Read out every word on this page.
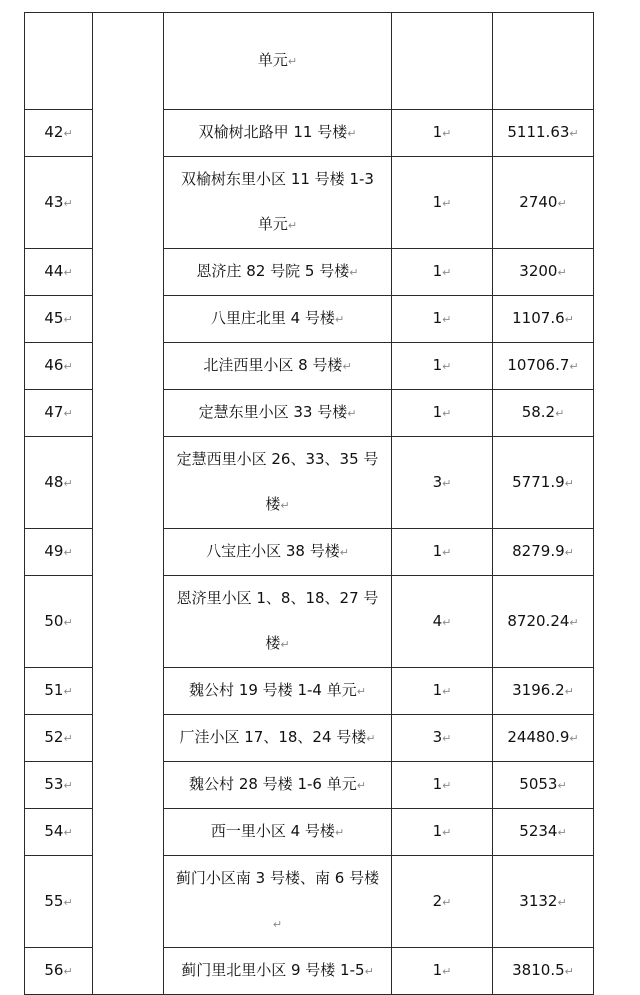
		单元↵		
42↵		双榆树北路甲 11 号楼↵	1↵	5111.63↵
43↵		双榆树东里小区 11 号楼 1-3 单元↵	1↵	2740↵
44↵		恩济庄 82 号院 5 号楼↵	1↵	3200↵
45↵		八里庄北里 4 号楼↵	1↵	1107.6↵
46↵		北洼西里小区 8 号楼↵	1↵	10706.7↵
47↵		定慧东里小区 33 号楼↵	1↵	58.2↵
48↵		定慧西里小区 26、33、35 号楼↵	3↵	5771.9↵
49↵		八宝庄小区 38 号楼↵	1↵	8279.9↵
50↵		恩济里小区 1、8、18、27 号楼↵	4↵	8720.24↵
51↵		魏公村 19 号楼 1-4 单元↵	1↵	3196.2↵
52↵		厂洼小区 17、18、24 号楼↵	3↵	24480.9↵
53↵		魏公村 28 号楼 1-6 单元↵	1↵	5053↵
54↵		西一里小区 4 号楼↵	1↵	5234↵
55↵		蓟门小区南 3 号楼、南 6 号楼↵	2↵	3132↵
56↵		蓟门里北里小区 9 号楼 1-5↵	1↵	3810.5↵
